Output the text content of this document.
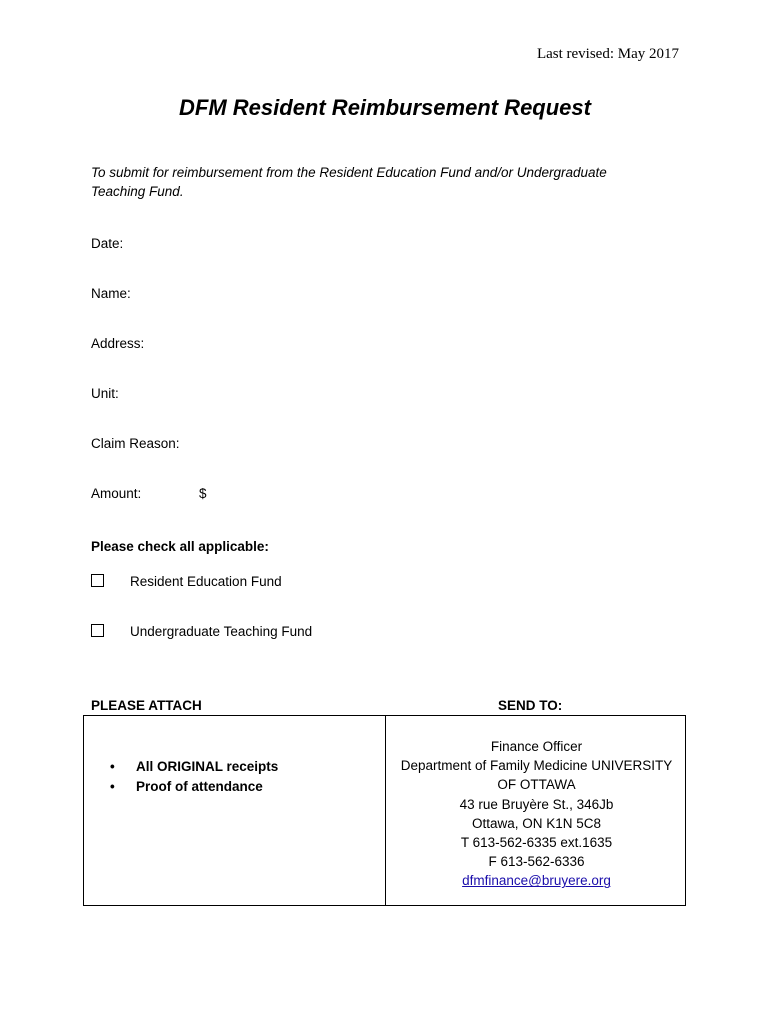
Last revised: May 2017
DFM Resident Reimbursement Request
To submit for reimbursement from the Resident Education Fund and/or Undergraduate
Teaching Fund.
Date:
Name:
Address:
Unit:
Claim Reason:
Amount:	$
Please check all applicable:
Resident Education Fund
Undergraduate Teaching Fund
PLEASE ATTACH	SEND TO:
• All ORIGINAL receipts
• Proof of attendance
Finance Officer
Department of Family Medicine UNIVERSITY
OF OTTAWA
43 rue Bruyère St., 346Jb
Ottawa, ON K1N 5C8
T 613-562-6335 ext.1635
F 613-562-6336
dfmfinance@bruyere.org
